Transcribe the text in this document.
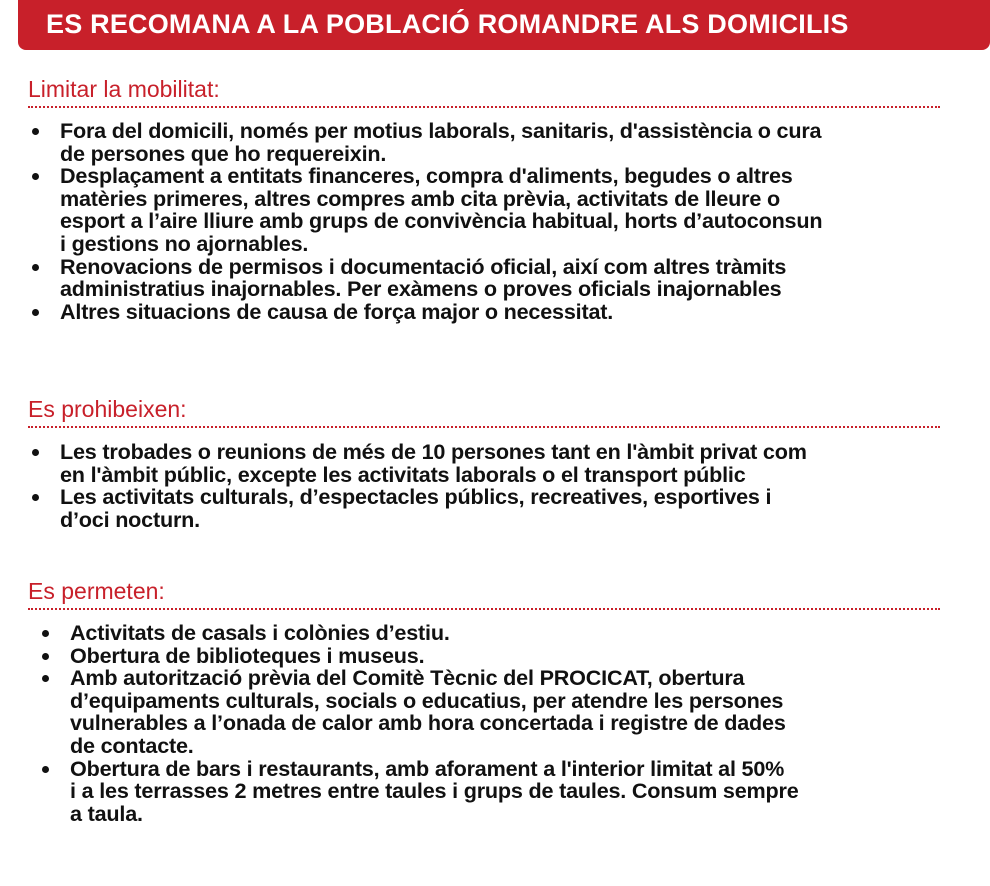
ES RECOMANA A LA POBLACIÓ ROMANDRE ALS DOMICILIS
Limitar la mobilitat:
Fora del domicili, només per motius laborals, sanitaris, d'assistència o cura
de persones que ho requereixin.
Desplaçament a entitats financeres, compra d'aliments, begudes o altres
matèries primeres, altres compres amb cita prèvia, activitats de lleure o
esport a l’aire lliure amb grups de convivència habitual, horts d’autoconsun
i gestions no ajornables.
Renovacions de permisos i documentació oficial, així com altres tràmits
administratius inajornables. Per exàmens o proves oficials inajornables
Altres situacions de causa de força major o necessitat.
Es prohibeixen:
Les trobades o reunions de més de 10 persones tant en l'àmbit privat com
en l'àmbit públic, excepte les activitats laborals o el transport públic
Les activitats culturals, d’espectacles públics, recreatives, esportives i
d’oci nocturn.
Es permeten:
Activitats de casals i colònies d’estiu.
Obertura de biblioteques i museus.
Amb autorització prèvia del Comitè Tècnic del PROCICAT, obertura
d’equipaments culturals, socials o educatius, per atendre les persones
vulnerables a l’onada de calor amb hora concertada i registre de dades
de contacte.
Obertura de bars i restaurants, amb aforament a l'interior limitat al 50%
i a les terrasses 2 metres entre taules i grups de taules. Consum sempre
a taula.
